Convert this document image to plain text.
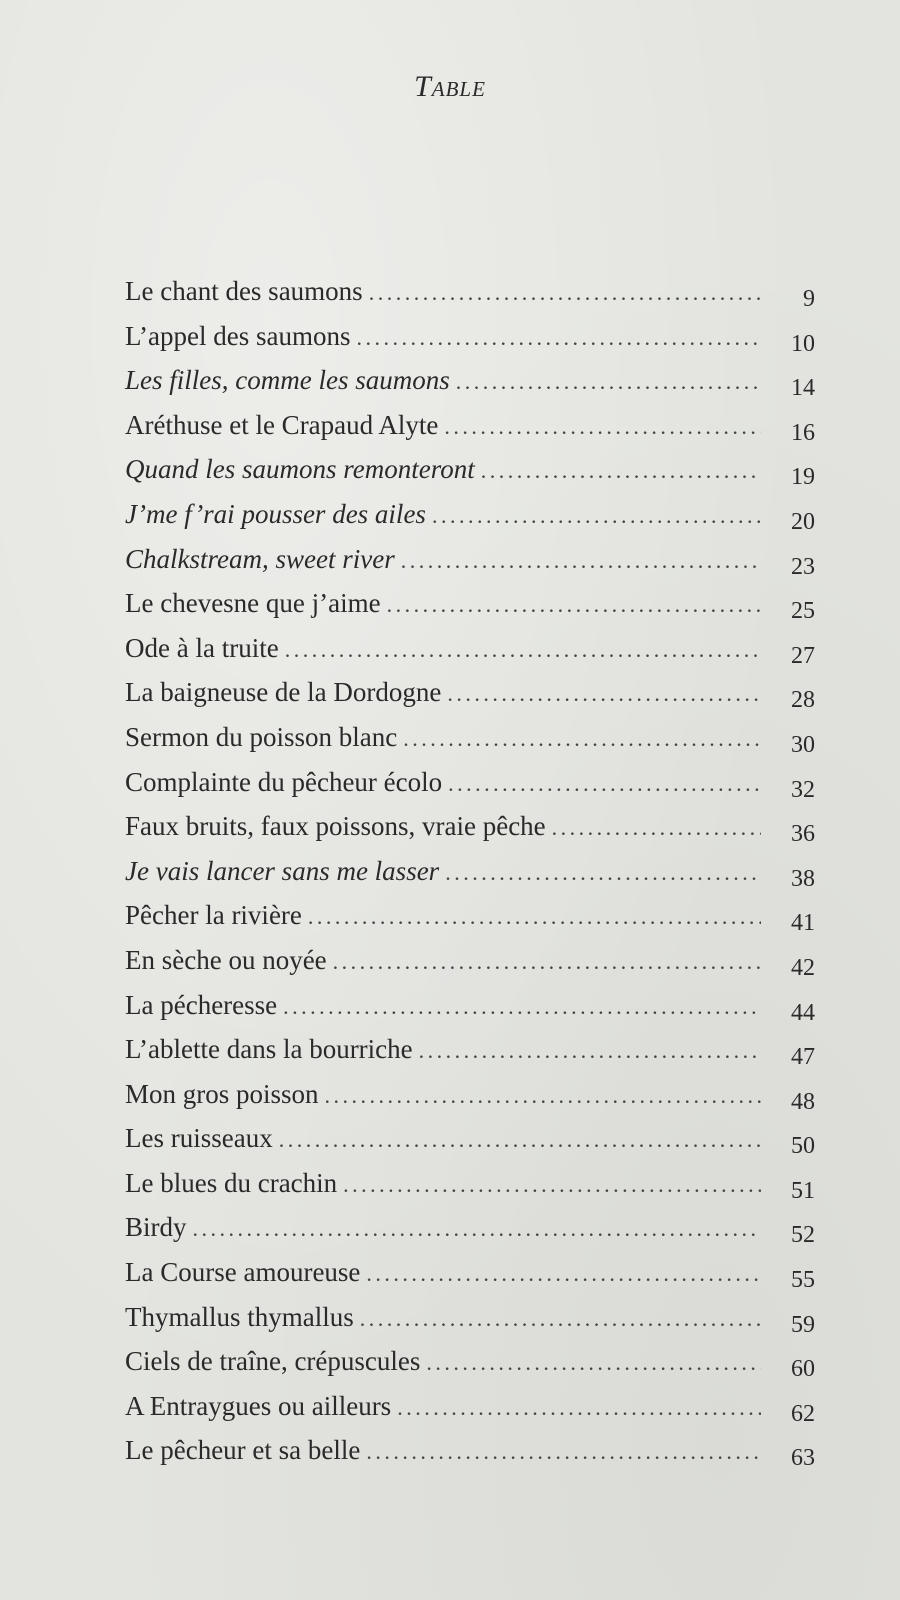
Table
Le chant des saumons . . .	9
L’appel des saumons . . .	10
Les filles, comme les saumons . . .	14
Aréthuse et le Crapaud Alyte . . .	16
Quand les saumons remonteront . . .	19
J’me f’rai pousser des ailes . . .	20
Chalkstream, sweet river . . .	23
Le chevesne que j’aime . . .	25
Ode à la truite . . .	27
La baigneuse de la Dordogne . . .	28
Sermon du poisson blanc . . .	30
Complainte du pêcheur écolo . . .	32
Faux bruits, faux poissons, vraie pêche . . .	36
Je vais lancer sans me lasser . . .	38
Pêcher la rivière . . .	41
En sèche ou noyée . . .	42
La pécheresse . . .	44
L’ablette dans la bourriche . . .	47
Mon gros poisson . . .	48
Les ruisseaux . . .	50
Le blues du crachin . . .	51
Birdy . . .	52
La Course amoureuse . . .	55
Thymallus thymallus . . .	59
Ciels de traîne, crépuscules . . .	60
A Entraygues ou ailleurs . . .	62
Le pêcheur et sa belle . . .	63
